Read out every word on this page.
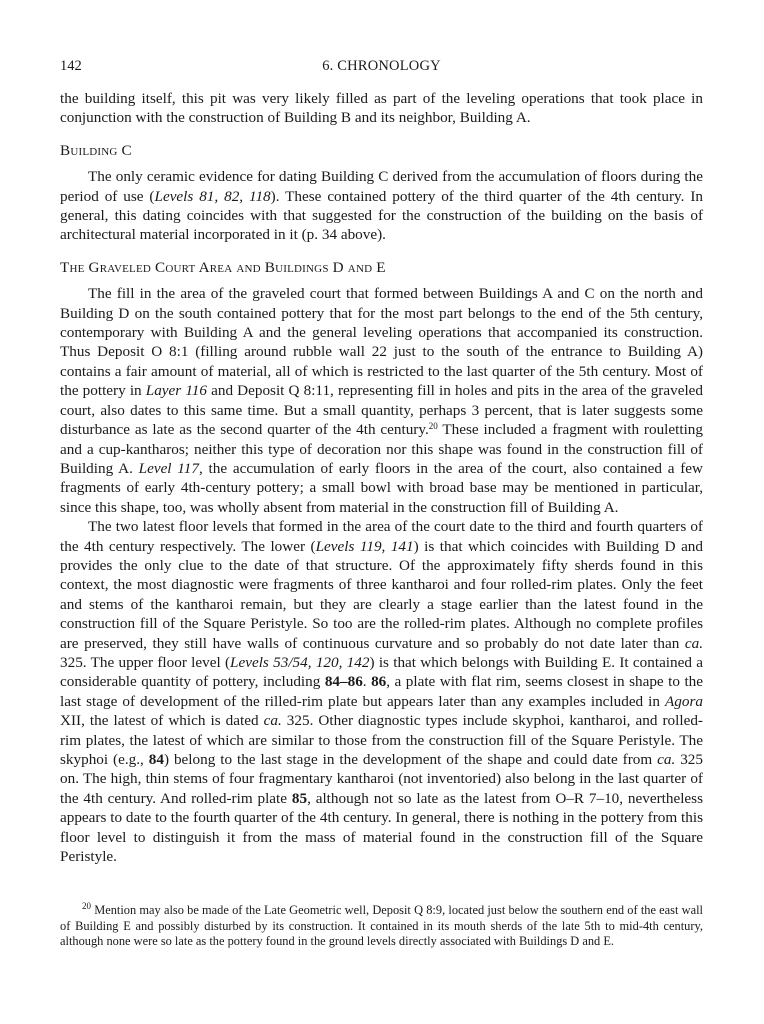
142	6. CHRONOLOGY

the building itself, this pit was very likely filled as part of the leveling operations that took place in conjunction with the construction of Building B and its neighbor, Building A.

Building C

The only ceramic evidence for dating Building C derived from the accumulation of floors during the period of use (Levels 81, 82, 118). These contained pottery of the third quarter of the 4th century. In general, this dating coincides with that suggested for the construction of the building on the basis of architectural material incorporated in it (p. 34 above).

The Graveled Court Area and Buildings D and E

The fill in the area of the graveled court that formed between Buildings A and C on the north and Building D on the south contained pottery that for the most part belongs to the end of the 5th century, contemporary with Building A and the general leveling operations that accompanied its construction. Thus Deposit O 8:1 (filling around rubble wall 22 just to the south of the entrance to Building A) contains a fair amount of material, all of which is restricted to the last quarter of the 5th century. Most of the pottery in Layer 116 and Deposit Q 8:11, representing fill in holes and pits in the area of the graveled court, also dates to this same time. But a small quantity, perhaps 3 percent, that is later suggests some disturbance as late as the second quarter of the 4th century.$^{20}$ These included a fragment with rouletting and a cup-kantharos; neither this type of decoration nor this shape was found in the construction fill of Building A. Level 117, the accumulation of early floors in the area of the court, also contained a few fragments of early 4th-century pottery; a small bowl with broad base may be mentioned in particular, since this shape, too, was wholly absent from material in the construction fill of Building A.

The two latest floor levels that formed in the area of the court date to the third and fourth quarters of the 4th century respectively. The lower (Levels 119, 141) is that which coincides with Building D and provides the only clue to the date of that structure. Of the approximately fifty sherds found in this context, the most diagnostic were fragments of three kantharoi and four rolled-rim plates. Only the feet and stems of the kantharoi remain, but they are clearly a stage earlier than the latest found in the construction fill of the Square Peristyle. So too are the rolled-rim plates. Although no complete profiles are preserved, they still have walls of continuous curvature and so probably do not date later than ca. 325. The upper floor level (Levels 53/54, 120, 142) is that which belongs with Building E. It contained a considerable quantity of pottery, including 84–86. 86, a plate with flat rim, seems closest in shape to the last stage of development of the rilled-rim plate but appears later than any examples included in Agora XII, the latest of which is dated ca. 325. Other diagnostic types include skyphoi, kantharoi, and rolled-rim plates, the latest of which are similar to those from the construction fill of the Square Peristyle. The skyphoi (e.g., 84) belong to the last stage in the development of the shape and could date from ca. 325 on. The high, thin stems of four fragmentary kantharoi (not inventoried) also belong in the last quarter of the 4th century. And rolled-rim plate 85, although not so late as the latest from O–R 7–10, nevertheless appears to date to the fourth quarter of the 4th century. In general, there is nothing in the pottery from this floor level to distinguish it from the mass of material found in the construction fill of the Square Peristyle.

$^{20}$ Mention may also be made of the Late Geometric well, Deposit Q 8:9, located just below the southern end of the east wall of Building E and possibly disturbed by its construction. It contained in its mouth sherds of the late 5th to mid-4th century, although none were so late as the pottery found in the ground levels directly associated with Buildings D and E.
